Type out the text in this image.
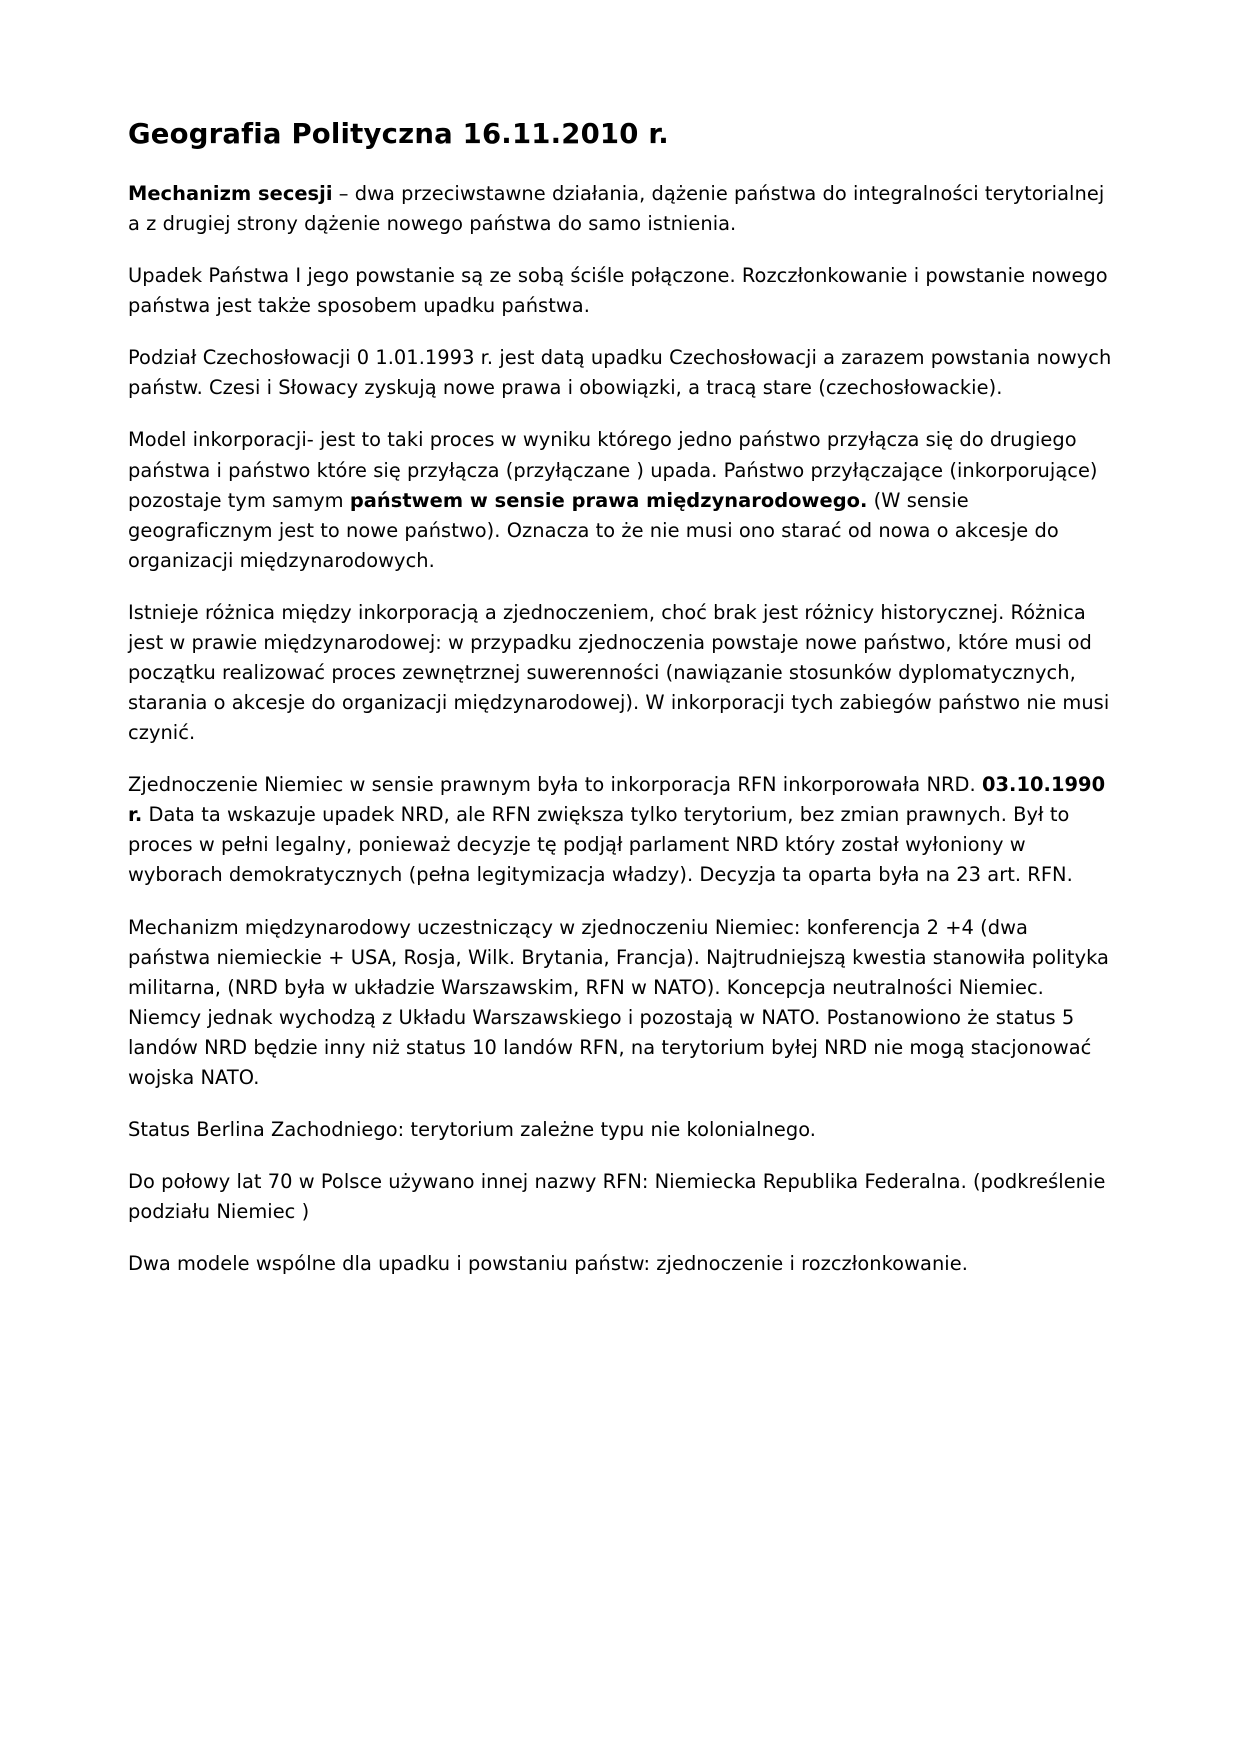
Geografia Polityczna 16.11.2010 r.

Mechanizm secesji – dwa przeciwstawne działania, dążenie państwa do integralności terytorialnej a z drugiej strony dążenie nowego państwa do samo istnienia.

Upadek Państwa I jego powstanie są ze sobą ściśle połączone. Rozczłonkowanie i powstanie nowego państwa jest także sposobem upadku państwa.

Podział Czechosłowacji 0 1.01.1993 r. jest datą upadku Czechosłowacji a zarazem powstania nowych państw. Czesi i Słowacy zyskują nowe prawa i obowiązki, a tracą stare (czechosłowackie).

Model inkorporacji- jest to taki proces w wyniku którego jedno państwo przyłącza się do drugiego państwa i państwo które się przyłącza (przyłączane ) upada. Państwo przyłączające (inkorporujące) pozostaje tym samym państwem w sensie prawa międzynarodowego. (W sensie geograficznym jest to nowe państwo). Oznacza to że nie musi ono starać od nowa o akcesje do organizacji międzynarodowych.

Istnieje różnica między inkorporacją a zjednoczeniem, choć brak jest różnicy historycznej. Różnica jest w prawie międzynarodowej: w przypadku zjednoczenia powstaje nowe państwo, które musi od początku realizować proces zewnętrznej suwerenności (nawiązanie stosunków dyplomatycznych, starania o akcesje do organizacji międzynarodowej). W inkorporacji tych zabiegów państwo nie musi czynić.

Zjednoczenie Niemiec w sensie prawnym była to inkorporacja RFN inkorporowała NRD. 03.10.1990 r. Data ta wskazuje upadek NRD, ale RFN zwiększa tylko terytorium, bez zmian prawnych. Był to proces w pełni legalny, ponieważ decyzje tę podjął parlament NRD który został wyłoniony w wyborach demokratycznych (pełna legitymizacja władzy). Decyzja ta oparta była na 23 art. RFN.

Mechanizm międzynarodowy uczestniczący w zjednoczeniu Niemiec: konferencja 2 +4 (dwa państwa niemieckie + USA, Rosja, Wilk. Brytania, Francja). Najtrudniejszą kwestia stanowiła polityka militarna, (NRD była w układzie Warszawskim, RFN w NATO). Koncepcja neutralności Niemiec. Niemcy jednak wychodzą z Układu Warszawskiego i pozostają w NATO. Postanowiono że status 5 landów NRD będzie inny niż status 10 landów RFN, na terytorium byłej NRD nie mogą stacjonować wojska NATO.

Status Berlina Zachodniego: terytorium zależne typu nie kolonialnego.

Do połowy lat 70 w Polsce używano innej nazwy RFN: Niemiecka Republika Federalna. (podkreślenie podziału Niemiec )

Dwa modele wspólne dla upadku i powstaniu państw: zjednoczenie i rozczłonkowanie.
